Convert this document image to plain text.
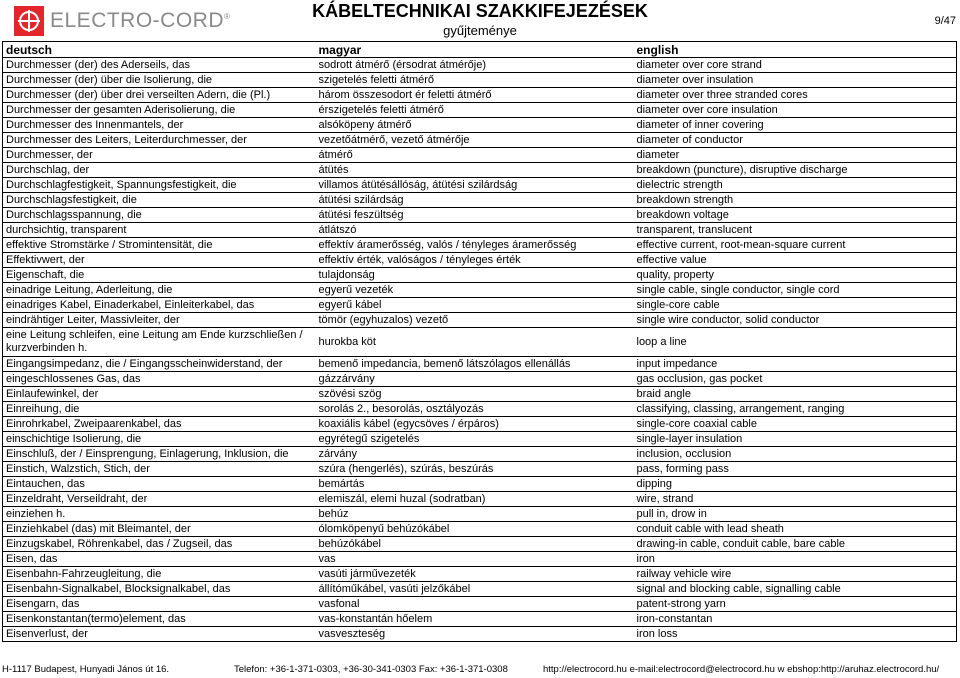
ELECTRO-CORD®	KÁBELTECHNIKAI SZAKKIFEJEZÉSEK
gyűjteménye
9/47
deutsch	magyar	english
Durchmesser (der) des Aderseils, das	sodrott átmérő (érsodrat átmérője)	diameter over core strand
Durchmesser (der) über die Isolierung, die	szigetelés feletti átmérő	diameter over insulation
Durchmesser (der) über drei verseilten Adern, die (Pl.)	három összesodort ér feletti átmérő	diameter over three stranded cores
Durchmesser der gesamten Aderisolierung, die	érszigetelés feletti átmérő	diameter over core insulation
Durchmesser des Innenmantels, der	alsóköpeny átmérő	diameter of inner covering
Durchmesser des Leiters, Leiterdurchmesser, der	vezetőátmérő, vezető átmérője	diameter of conductor
Durchmesser, der	átmérő	diameter
Durchschlag, der	átütés	breakdown (puncture), disruptive discharge
Durchschlagfestigkeit, Spannungsfestigkeit, die	villamos átütésállóság, átütési szilárdság	dielectric strength
Durchschlagsfestigkeit, die	átütési szilárdság	breakdown strength
Durchschlagsspannung, die	átütési feszültség	breakdown voltage
durchsichtig, transparent	átlátszó	transparent, translucent
effektive Stromstärke / Stromintensität, die	effektív áramerősség, valós / tényleges áramerősség	effective current, root-mean-square current
Effektivwert, der	effektív érték, valóságos / tényleges érték	effective value
Eigenschaft, die	tulajdonság	quality, property
einadrige Leitung, Aderleitung, die	egyerű vezeték	single cable, single conductor, single cord
einadriges Kabel, Einaderkabel, Einleiterkabel, das	egyerű kábel	single-core cable
eindrähtiger Leiter, Massivleiter, der	tömör (egyhuzalos) vezető	single wire conductor, solid conductor
eine Leitung schleifen, eine Leitung am Ende kurzschließen / kurzverbinden h.	hurokba köt	loop a line
Eingangsimpedanz, die / Eingangsscheinwiderstand, der	bemenő impedancia, bemenő látszólagos ellenállás	input impedance
eingeschlossenes Gas, das	gázzárvány	gas occlusion, gas pocket
Einlaufewinkel, der	szövési szög	braid angle
Einreihung, die	sorolás 2., besorolás, osztályozás	classifying, classing, arrangement, ranging
Einrohrkabel, Zweipaarenkabel, das	koaxiális kábel (egycsöves / érpáros)	single-core coaxial cable
einschichtige Isolierung, die	egyrétegű szigetelés	single-layer insulation
Einschluß, der / Einsprengung, Einlagerung, Inklusion, die	zárvány	inclusion, occlusion
Einstich, Walzstich, Stich, der	szúra (hengerlés), szúrás, beszúrás	pass, forming pass
Eintauchen, das	bemártás	dipping
Einzeldraht, Verseildraht, der	elemiszál, elemi huzal (sodratban)	wire, strand
einziehen h.	behúz	pull in, drow in
Einziehkabel (das) mit Bleimantel, der	ólomköpenyű behúzókábel	conduit cable with lead sheath
Einzugskabel, Röhrenkabel, das / Zugseil, das	behúzókábel	drawing-in cable, conduit cable, bare cable
Eisen, das	vas	iron
Eisenbahn-Fahrzeugleitung, die	vasúti járművezeték	railway vehicle wire
Eisenbahn-Signalkabel, Blocksignalkabel, das	állítóműkábel, vasúti jelzőkábel	signal and blocking cable, signalling cable
Eisengarn, das	vasfonal	patent-strong yarn
Eisenkonstantan(termo)element, das	vas-konstantán hőelem	iron-constantan
Eisenverlust, der	vasveszteség	iron loss
H-1117 Budapest, Hunyadi János út 16.	Telefon: +36-1-371-0303, +36-30-341-0303 Fax: +36-1-371-0308	http://electrocord.hu e-mail:electrocord@electrocord.hu w ebshop:http://aruhaz.electrocord.hu/
